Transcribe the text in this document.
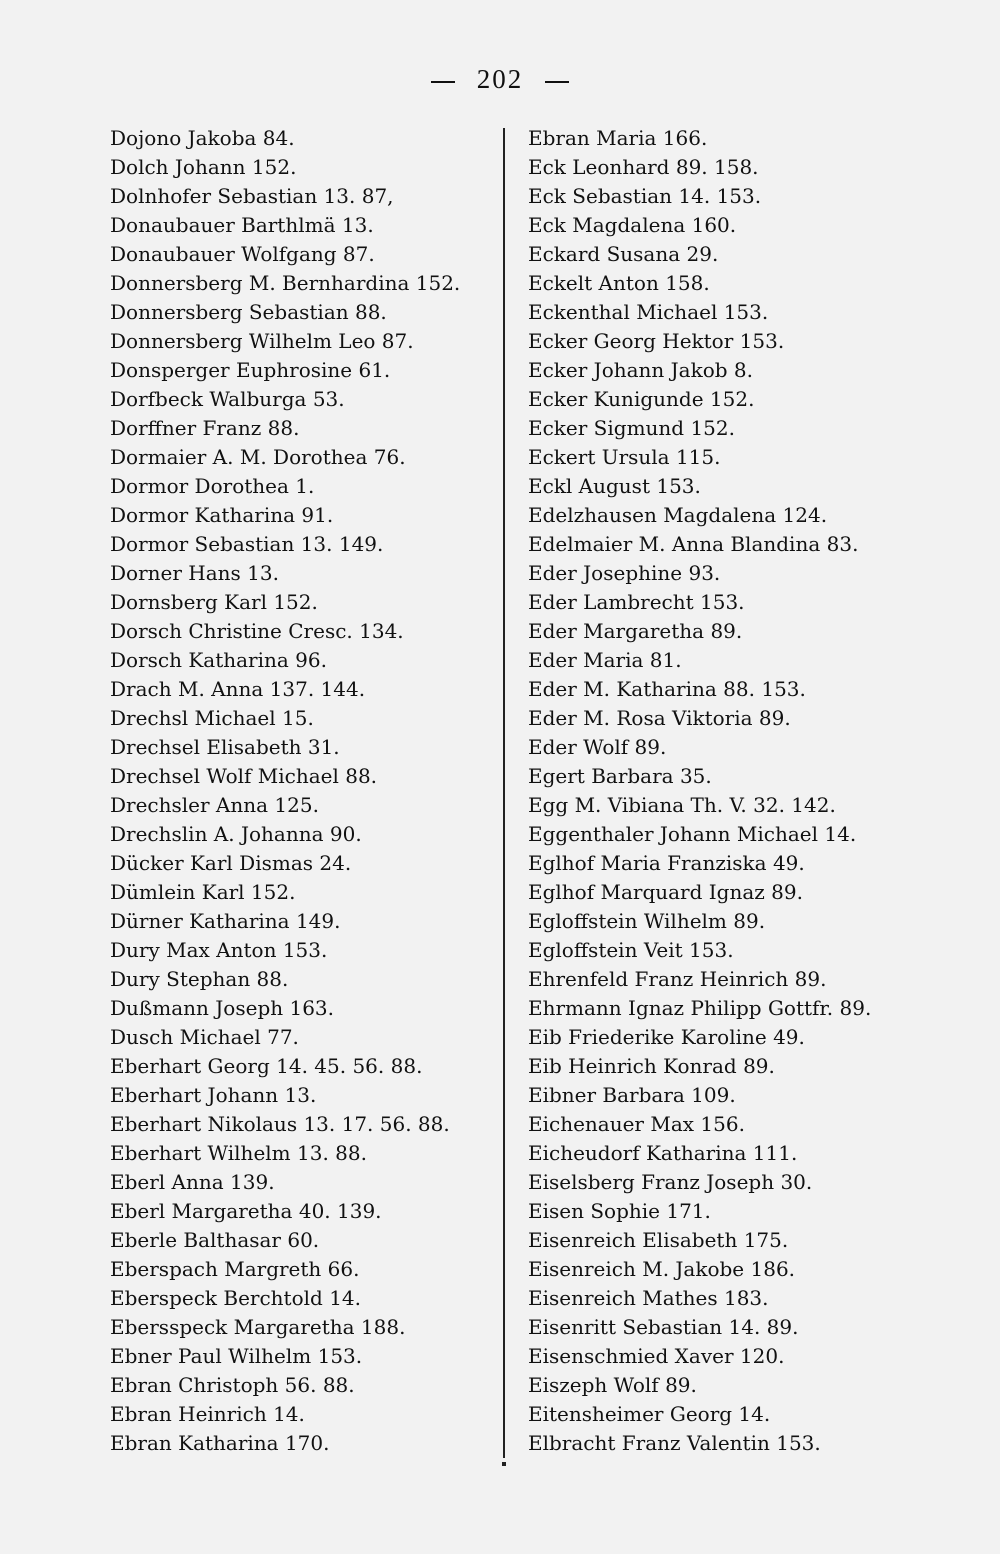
202
Dojono Jakoba 84.
Dolch Johann 152.
Dolnhofer Sebastian 13. 87,
Donaubauer Barthlmä 13.
Donaubauer Wolfgang 87.
Donnersberg M. Bernhardina 152.
Donnersberg Sebastian 88.
Donnersberg Wilhelm Leo 87.
Donsperger Euphrosine 61.
Dorfbeck Walburga 53.
Dorffner Franz 88.
Dormaier A. M. Dorothea 76.
Dormor Dorothea 1.
Dormor Katharina 91.
Dormor Sebastian 13. 149.
Dorner Hans 13.
Dornsberg Karl 152.
Dorsch Christine Cresc. 134.
Dorsch Katharina 96.
Drach M. Anna 137. 144.
Drechsl Michael 15.
Drechsel Elisabeth 31.
Drechsel Wolf Michael 88.
Drechsler Anna 125.
Drechslin A. Johanna 90.
Dücker Karl Dismas 24.
Dümlein Karl 152.
Dürner Katharina 149.
Dury Max Anton 153.
Dury Stephan 88.
Dußmann Joseph 163.
Dusch Michael 77.
Eberhart Georg 14. 45. 56. 88.
Eberhart Johann 13.
Eberhart Nikolaus 13. 17. 56. 88.
Eberhart Wilhelm 13. 88.
Eberl Anna 139.
Eberl Margaretha 40. 139.
Eberle Balthasar 60.
Eberspach Margreth 66.
Eberspeck Berchtold 14.
Ebersspeck Margaretha 188.
Ebner Paul Wilhelm 153.
Ebran Christoph 56. 88.
Ebran Heinrich 14.
Ebran Katharina 170.
Ebran Maria 166.
Eck Leonhard 89. 158.
Eck Sebastian 14. 153.
Eck Magdalena 160.
Eckard Susana 29.
Eckelt Anton 158.
Eckenthal Michael 153.
Ecker Georg Hektor 153.
Ecker Johann Jakob 8.
Ecker Kunigunde 152.
Ecker Sigmund 152.
Eckert Ursula 115.
Eckl August 153.
Edelzhausen Magdalena 124.
Edelmaier M. Anna Blandina 83.
Eder Josephine 93.
Eder Lambrecht 153.
Eder Margaretha 89.
Eder Maria 81.
Eder M. Katharina 88. 153.
Eder M. Rosa Viktoria 89.
Eder Wolf 89.
Egert Barbara 35.
Egg M. Vibiana Th. V. 32. 142.
Eggenthaler Johann Michael 14.
Eglhof Maria Franziska 49.
Eglhof Marquard Ignaz 89.
Egloffstein Wilhelm 89.
Egloffstein Veit 153.
Ehrenfeld Franz Heinrich 89.
Ehrmann Ignaz Philipp Gottfr. 89.
Eib Friederike Karoline 49.
Eib Heinrich Konrad 89.
Eibner Barbara 109.
Eichenauer Max 156.
Eicheudorf Katharina 111.
Eiselsberg Franz Joseph 30.
Eisen Sophie 171.
Eisenreich Elisabeth 175.
Eisenreich M. Jakobe 186.
Eisenreich Mathes 183.
Eisenritt Sebastian 14. 89.
Eisenschmied Xaver 120.
Eiszeph Wolf 89.
Eitensheimer Georg 14.
Elbracht Franz Valentin 153.
